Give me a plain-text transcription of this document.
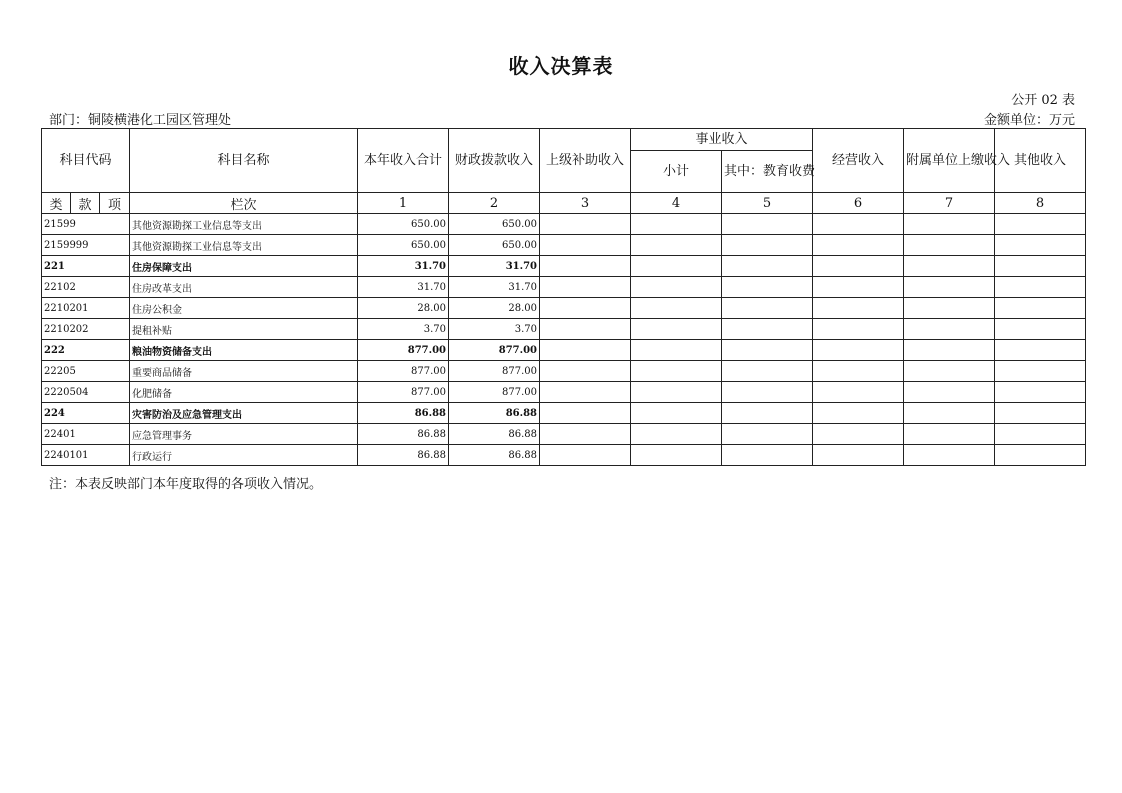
收入决算表
公开 02 表
部门：铜陵横港化工园区管理处	金额单位：万元
科目代码			科目名称	本年收入合计	财政拨款收入	上级补助收入	事业收入		经营收入	附属单位上缴收入	其他收入
							小计	其中：教育收费			
类	款	项	栏次	1	2	3	4	5	6	7	8
21599			其他资源勘探工业信息等支出	650.00	650.00						
2159999			其他资源勘探工业信息等支出	650.00	650.00						
221			住房保障支出	31.70	31.70						
22102			住房改革支出	31.70	31.70						
2210201			住房公积金	28.00	28.00						
2210202			提租补贴	3.70	3.70						
222			粮油物资储备支出	877.00	877.00						
22205			重要商品储备	877.00	877.00						
2220504			化肥储备	877.00	877.00						
224			灾害防治及应急管理支出	86.88	86.88						
22401			应急管理事务	86.88	86.88						
2240101			行政运行	86.88	86.88						
注：本表反映部门本年度取得的各项收入情况。
